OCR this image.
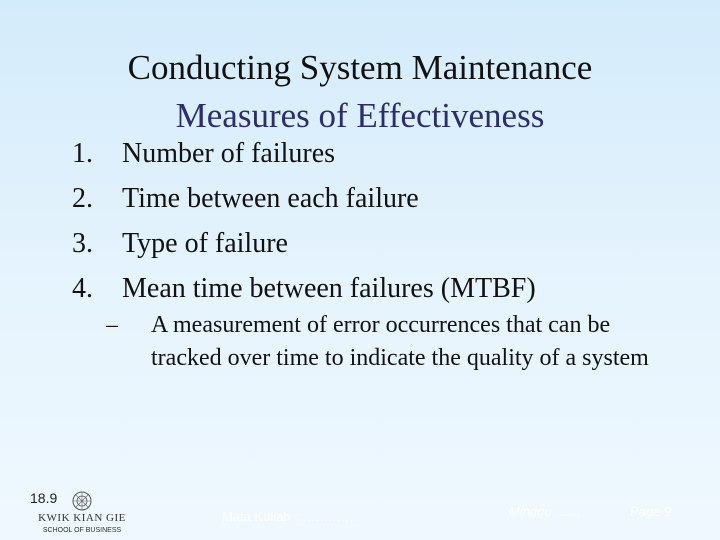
Conducting System Maintenance
Measures of Effectiveness
1.	Number of failures
2.	Time between each failure
3.	Type of failure
4.	Mean time between failures (MTBF)
– A measurement of error occurrences that can be tracked over time to indicate the quality of a system
KWIK KIAN GIE
SCHOOL OF BUSINESS
18.9
Mata Kuliah :…………..	Minggu ……	Page 9
